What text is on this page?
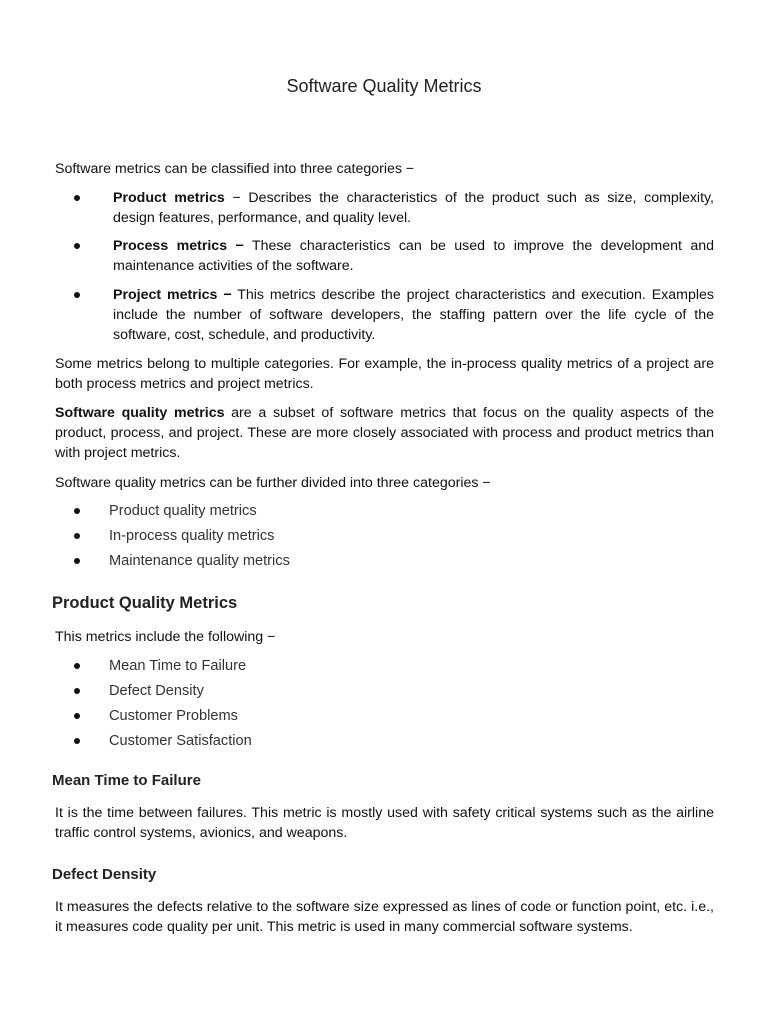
Software Quality Metrics
Software metrics can be classified into three categories −
Product metrics − Describes the characteristics of the product such as size, complexity, design features, performance, and quality level.
Process metrics − These characteristics can be used to improve the development and maintenance activities of the software.
Project metrics − This metrics describe the project characteristics and execution. Examples include the number of software developers, the staffing pattern over the life cycle of the software, cost, schedule, and productivity.
Some metrics belong to multiple categories. For example, the in-process quality metrics of a project are both process metrics and project metrics.
Software quality metrics are a subset of software metrics that focus on the quality aspects of the product, process, and project. These are more closely associated with process and product metrics than with project metrics.
Software quality metrics can be further divided into three categories −
Product quality metrics
In-process quality metrics
Maintenance quality metrics
Product Quality Metrics
This metrics include the following −
Mean Time to Failure
Defect Density
Customer Problems
Customer Satisfaction
Mean Time to Failure
It is the time between failures. This metric is mostly used with safety critical systems such as the airline traffic control systems, avionics, and weapons.
Defect Density
It measures the defects relative to the software size expressed as lines of code or function point, etc. i.e., it measures code quality per unit. This metric is used in many commercial software systems.
